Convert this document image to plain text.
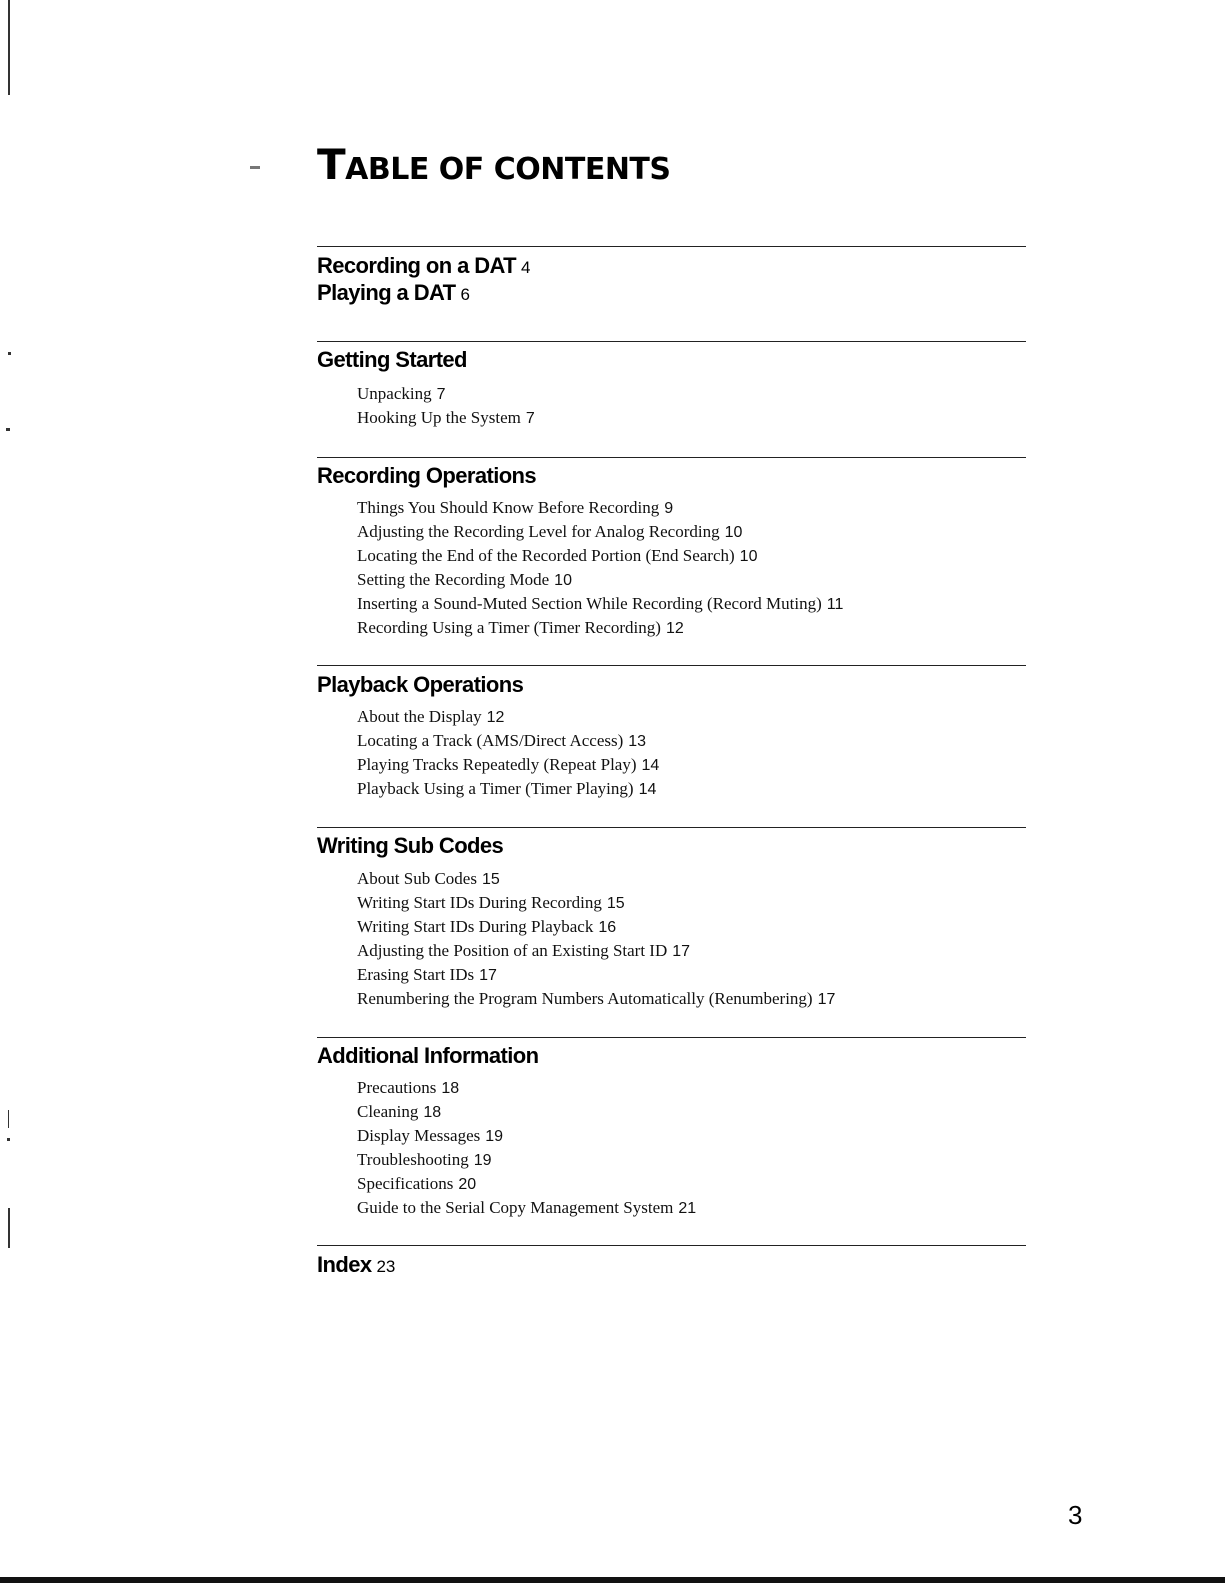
TABLE OF CONTENTS
Recording on a DAT 4
Playing a DAT 6
Getting Started
Unpacking 7
Hooking Up the System 7
Recording Operations
Things You Should Know Before Recording 9
Adjusting the Recording Level for Analog Recording 10
Locating the End of the Recorded Portion (End Search) 10
Setting the Recording Mode 10
Inserting a Sound-Muted Section While Recording (Record Muting) 11
Recording Using a Timer (Timer Recording) 12
Playback Operations
About the Display 12
Locating a Track (AMS/Direct Access) 13
Playing Tracks Repeatedly (Repeat Play) 14
Playback Using a Timer (Timer Playing) 14
Writing Sub Codes
About Sub Codes 15
Writing Start IDs During Recording 15
Writing Start IDs During Playback 16
Adjusting the Position of an Existing Start ID 17
Erasing Start IDs 17
Renumbering the Program Numbers Automatically (Renumbering) 17
Additional Information
Precautions 18
Cleaning 18
Display Messages 19
Troubleshooting 19
Specifications 20
Guide to the Serial Copy Management System 21
Index 23
3
